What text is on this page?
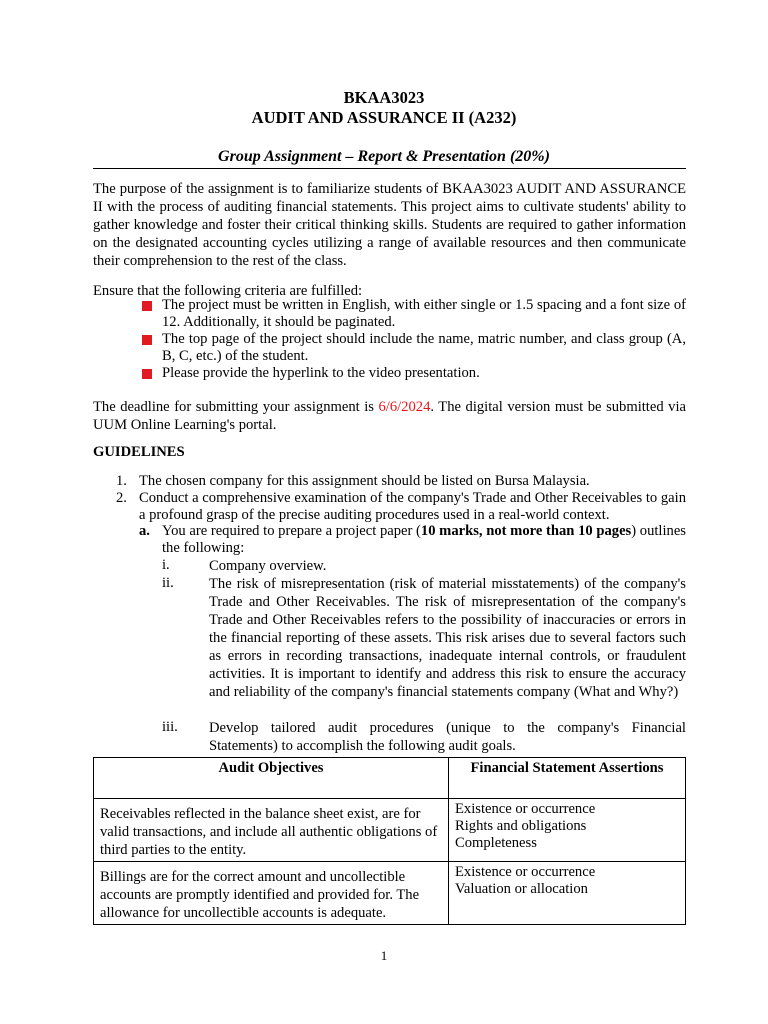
BKAA3023
AUDIT AND ASSURANCE II (A232)
Group Assignment – Report & Presentation (20%)
The purpose of the assignment is to familiarize students of BKAA3023 AUDIT AND ASSURANCE II with the process of auditing financial statements. This project aims to cultivate students' ability to gather knowledge and foster their critical thinking skills. Students are required to gather information on the designated accounting cycles utilizing a range of available resources and then communicate their comprehension to the rest of the class.
Ensure that the following criteria are fulfilled:
The project must be written in English, with either single or 1.5 spacing and a font size of 12. Additionally, it should be paginated.
The top page of the project should include the name, matric number, and class group (A, B, C, etc.) of the student.
Please provide the hyperlink to the video presentation.
The deadline for submitting your assignment is 6/6/2024. The digital version must be submitted via UUM Online Learning's portal.
GUIDELINES
1. The chosen company for this assignment should be listed on Bursa Malaysia.
2. Conduct a comprehensive examination of the company's Trade and Other Receivables to gain a profound grasp of the precise auditing procedures used in a real-world context.
a. You are required to prepare a project paper (10 marks, not more than 10 pages) outlines the following:
i.	Company overview.
ii. The risk of misrepresentation (risk of material misstatements) of the company's Trade and Other Receivables. The risk of misrepresentation of the company's Trade and Other Receivables refers to the possibility of inaccuracies or errors in the financial reporting of these assets. This risk arises due to several factors such as errors in recording transactions, inadequate internal controls, or fraudulent activities. It is important to identify and address this risk to ensure the accuracy and reliability of the company's financial statements company (What and Why?)
iii. Develop tailored audit procedures (unique to the company's Financial Statements) to accomplish the following audit goals.
Audit Objectives	Financial Statement Assertions
Receivables reflected in the balance sheet exist, are for valid transactions, and include all authentic obligations of third parties to the entity.	Existence or occurrence
Rights and obligations
Completeness

Billings are for the correct amount and uncollectible accounts are promptly identified and provided for. The allowance for uncollectible accounts is adequate.	Existence or occurrence
Valuation or allocation
1
